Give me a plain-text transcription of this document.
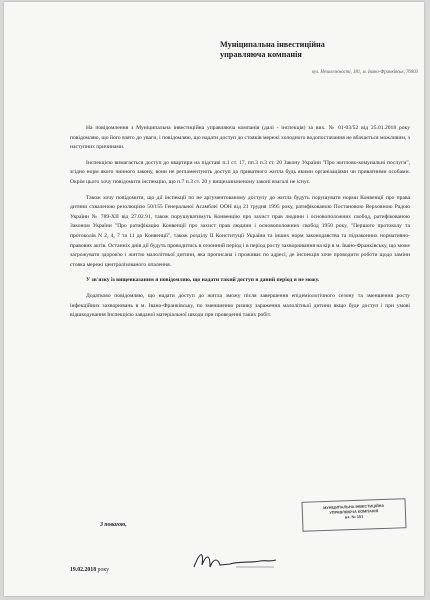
Муніципальна інвестиційна
управляюча компанія
вул. Незалежності, 181, м. Івано-Франківськ, 76003

На повідомлення з Муніципальна інвестиційна управляюча компанія (далі - інспекція) за вих. № 01-03/52 від 25.01.2018 року повідомляю, що його взято до уваги, і повідомляю, що надати доступ до стояків мережі холодного водопостачання не вбачається можливим, з наступних причинами.

Інспекцією вимагається доступ до квартири на підставі п.1 ст. 17, пп.3 п.3 ст. 20 Закону України "Про житлово-комунальні послуги", згідно норм якого чинного закону, вони не регламентують доступ до приватного житла будь якими організаціями чи приватними особами. Окрім цього хочу повідомити інспекцію, що п.7 п.3 ст. 20 у вищезазначеному законі взагалі не існує.

Також хочу повідомити, що дії інспекції по не аргументованому доступу до житла будуть порушувати норми Конвенції про права дитини схваленою резолюцією 50/155 Генеральної Асамблеї ООН від 21 грудня 1995 року, ратифікованою Постановою Верховною Радою України № 789-XII від 27.02.91, також порушуватимуть Конвенцію про захист прав людини і основоположних свобод, ратифікованою Законом України "Про ратифікацію Конвенції про захист прав людини і основоположних свобод 1950 року, "Першого протоколу та протоколів N 2, 4, 7 та 11 до Конвенції", також розділу II Конституції України та інших норм законодавства та підзаконних нормативно-правових актів. Останніх днів дії будуть проводитись в сезонний період і в період росту захворювання на кір в м. Івано-Франківську, що може загрожувати здоров'ю і життю малолітньої дитини, яка прописана і проживає по адресі, де інспекція хоче проводити роботи щодо заміни стояка мережі централізованого опалення.

У зв'язку із вищевказаним я повідомляю, що надати такий доступ в даний період я не можу.

Додатково повідомляю, що надати доступ до житла зможу після завершення епідеміологічного сезону та зменшення росту інфекційних захворювань в м. Івано-Франківську, по зменшенню ризику зараження малолітньої дитини якщо буде доступ і при умові відшкодування Інспекцією завданої матеріальної шкоди при проведенні таких робіт.

З повагою,
19.02.2018 року
МУНІЦИПАЛЬНА ІНВЕСТИЦІЙНА
УПРАВЛЯЮЧА КОМПАНІЯ
вх. № 151
